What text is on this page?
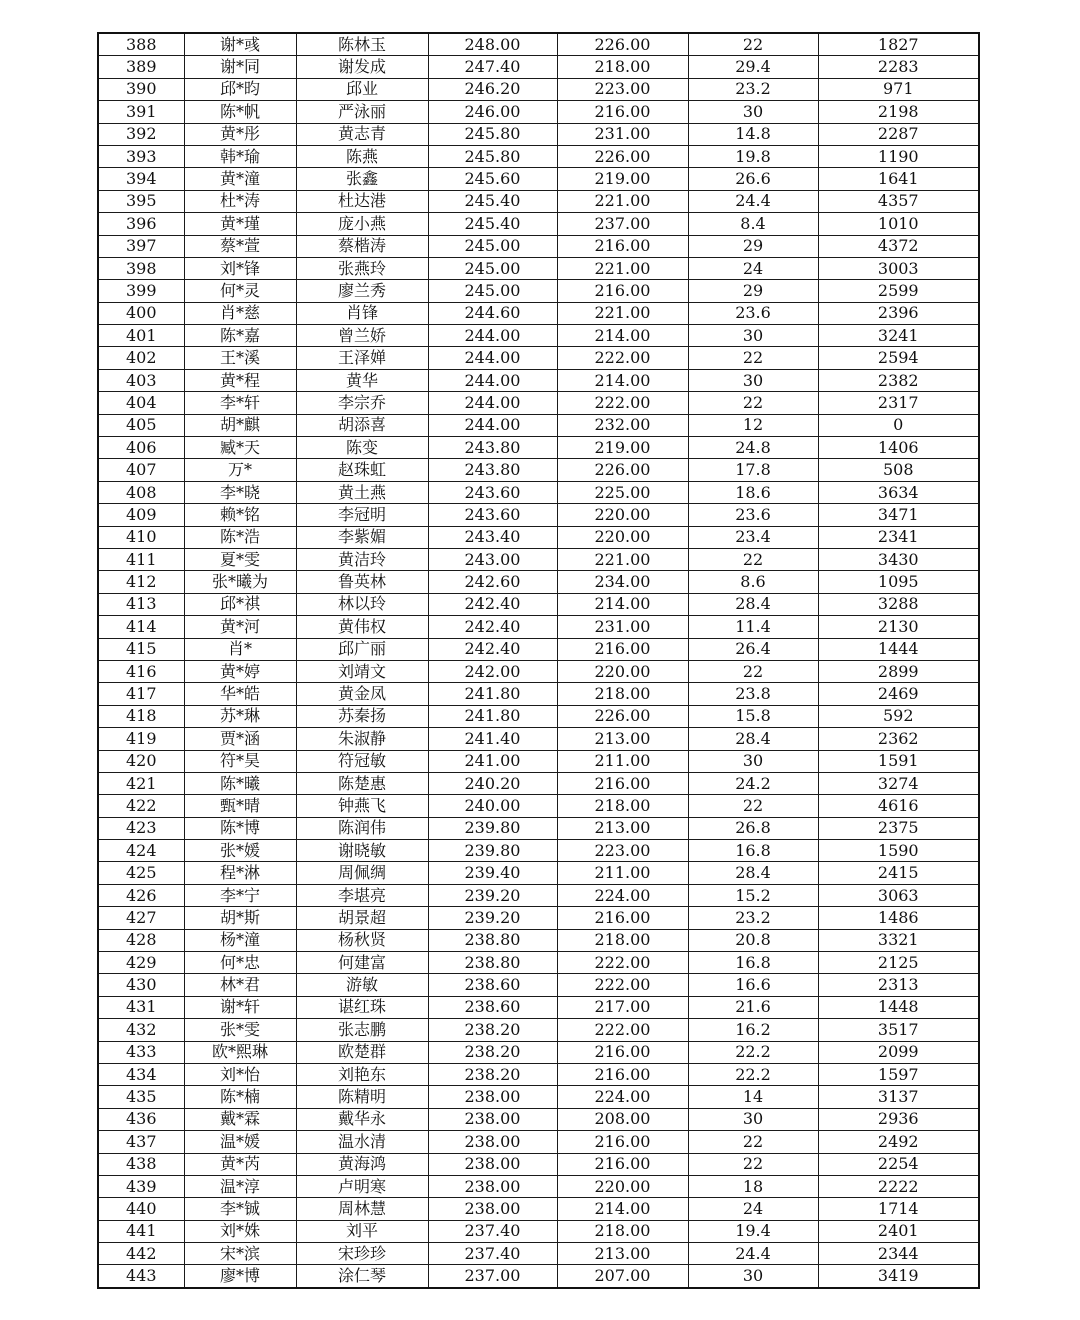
388	谢*彧	陈林玉	248.00	226.00	22	1827
389	谢*同	谢发成	247.40	218.00	29.4	2283
390	邱*昀	邱业	246.20	223.00	23.2	971
391	陈*帆	严泳丽	246.00	216.00	30	2198
392	黄*彤	黄志青	245.80	231.00	14.8	2287
393	韩*瑜	陈燕	245.80	226.00	19.8	1190
394	黄*潼	张鑫	245.60	219.00	26.6	1641
395	杜*涛	杜达港	245.40	221.00	24.4	4357
396	黄*瑾	庞小燕	245.40	237.00	8.4	1010
397	蔡*萱	蔡楷涛	245.00	216.00	29	4372
398	刘*锋	张燕玲	245.00	221.00	24	3003
399	何*灵	廖兰秀	245.00	216.00	29	2599
400	肖*慈	肖锋	244.60	221.00	23.6	2396
401	陈*嘉	曾兰娇	244.00	214.00	30	3241
402	王*溪	王泽婵	244.00	222.00	22	2594
403	黄*程	黄华	244.00	214.00	30	2382
404	李*轩	李宗乔	244.00	222.00	22	2317
405	胡*麒	胡添喜	244.00	232.00	12	0
406	臧*天	陈变	243.80	219.00	24.8	1406
407	万*	赵珠虹	243.80	226.00	17.8	508
408	李*晓	黄土燕	243.60	225.00	18.6	3634
409	赖*铭	李冠明	243.60	220.00	23.6	3471
410	陈*浩	李紫媚	243.40	220.00	23.4	2341
411	夏*雯	黄洁玲	243.00	221.00	22	3430
412	张*曦为	鲁英林	242.60	234.00	8.6	1095
413	邱*祺	林以玲	242.40	214.00	28.4	3288
414	黄*河	黄伟权	242.40	231.00	11.4	2130
415	肖*	邱广丽	242.40	216.00	26.4	1444
416	黄*婷	刘靖文	242.00	220.00	22	2899
417	华*皓	黄金凤	241.80	218.00	23.8	2469
418	苏*琳	苏秦扬	241.80	226.00	15.8	592
419	贾*涵	朱淑静	241.40	213.00	28.4	2362
420	符*昊	符冠敏	241.00	211.00	30	1591
421	陈*曦	陈楚惠	240.20	216.00	24.2	3274
422	甄*晴	钟燕飞	240.00	218.00	22	4616
423	陈*博	陈润伟	239.80	213.00	26.8	2375
424	张*媛	谢晓敏	239.80	223.00	16.8	1590
425	程*淋	周佩绸	239.40	211.00	28.4	2415
426	李*宁	李堪亮	239.20	224.00	15.2	3063
427	胡*斯	胡景超	239.20	216.00	23.2	1486
428	杨*潼	杨秋贤	238.80	218.00	20.8	3321
429	何*忠	何建富	238.80	222.00	16.8	2125
430	林*君	游敏	238.60	222.00	16.6	2313
431	谢*轩	谌红珠	238.60	217.00	21.6	1448
432	张*雯	张志鹏	238.20	222.00	16.2	3517
433	欧*熙琳	欧楚群	238.20	216.00	22.2	2099
434	刘*怡	刘艳东	238.20	216.00	22.2	1597
435	陈*楠	陈精明	238.00	224.00	14	3137
436	戴*霖	戴华永	238.00	208.00	30	2936
437	温*媛	温水清	238.00	216.00	22	2492
438	黄*芮	黄海鸿	238.00	216.00	22	2254
439	温*淳	卢明寒	238.00	220.00	18	2222
440	李*铖	周林慧	238.00	214.00	24	1714
441	刘*姝	刘平	237.40	218.00	19.4	2401
442	宋*滨	宋珍珍	237.40	213.00	24.4	2344
443	廖*博	涂仁琴	237.00	207.00	30	3419
